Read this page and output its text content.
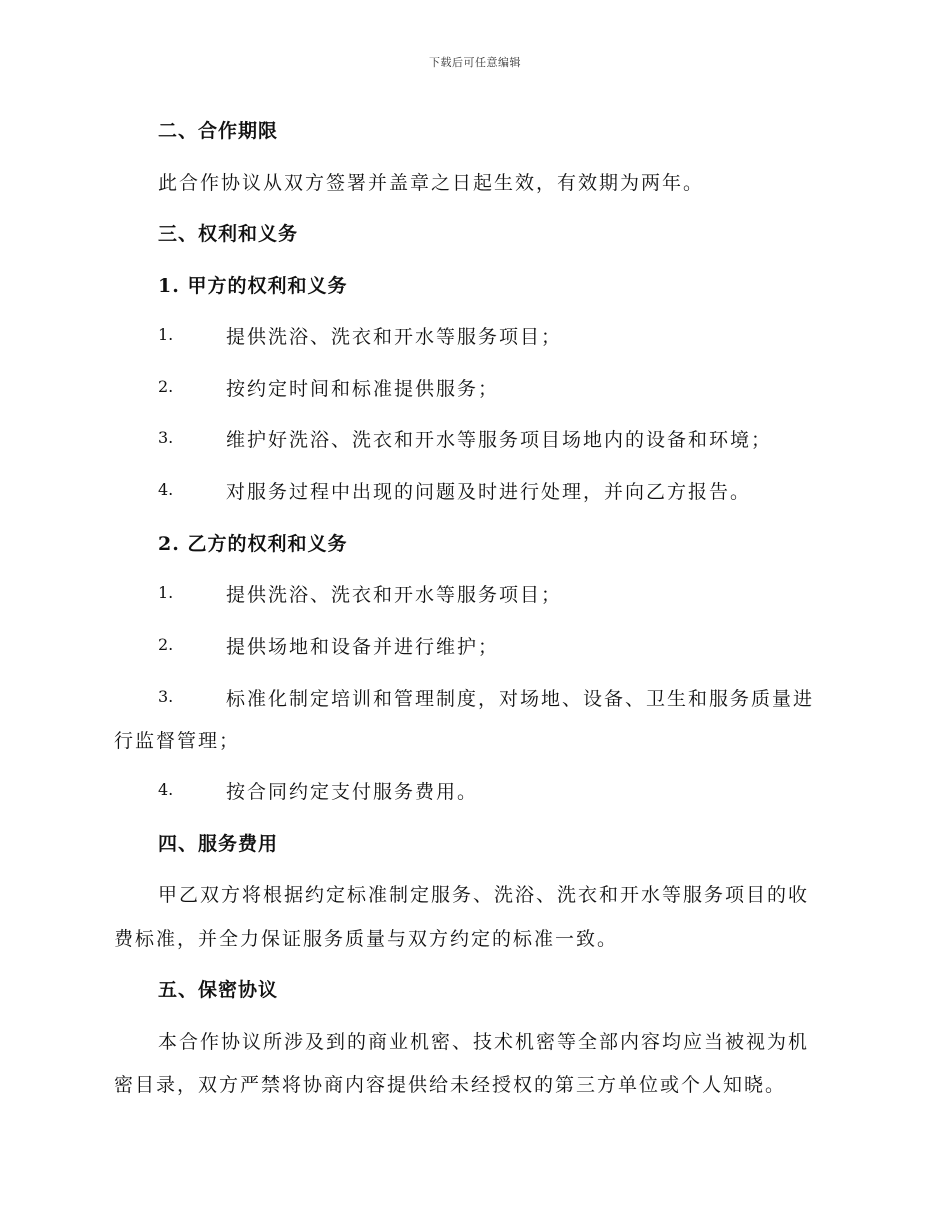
下载后可任意编辑
二、合作期限
此合作协议从双方签署并盖章之日起生效，有效期为两年。
三、权利和义务
1. 甲方的权利和义务
1.	提供洗浴、洗衣和开水等服务项目；
2.	按约定时间和标准提供服务；
3.	维护好洗浴、洗衣和开水等服务项目场地内的设备和环境；
4.	对服务过程中出现的问题及时进行处理，并向乙方报告。
2. 乙方的权利和义务
1.	提供洗浴、洗衣和开水等服务项目；
2.	提供场地和设备并进行维护；
3.	标准化制定培训和管理制度，对场地、设备、卫生和服务质量进
行监督管理；
4.	按合同约定支付服务费用。
四、服务费用
甲乙双方将根据约定标准制定服务、洗浴、洗衣和开水等服务项目的收
费标准，并全力保证服务质量与双方约定的标准一致。
五、保密协议
本合作协议所涉及到的商业机密、技术机密等全部内容均应当被视为机
密目录，双方严禁将协商内容提供给未经授权的第三方单位或个人知晓。
